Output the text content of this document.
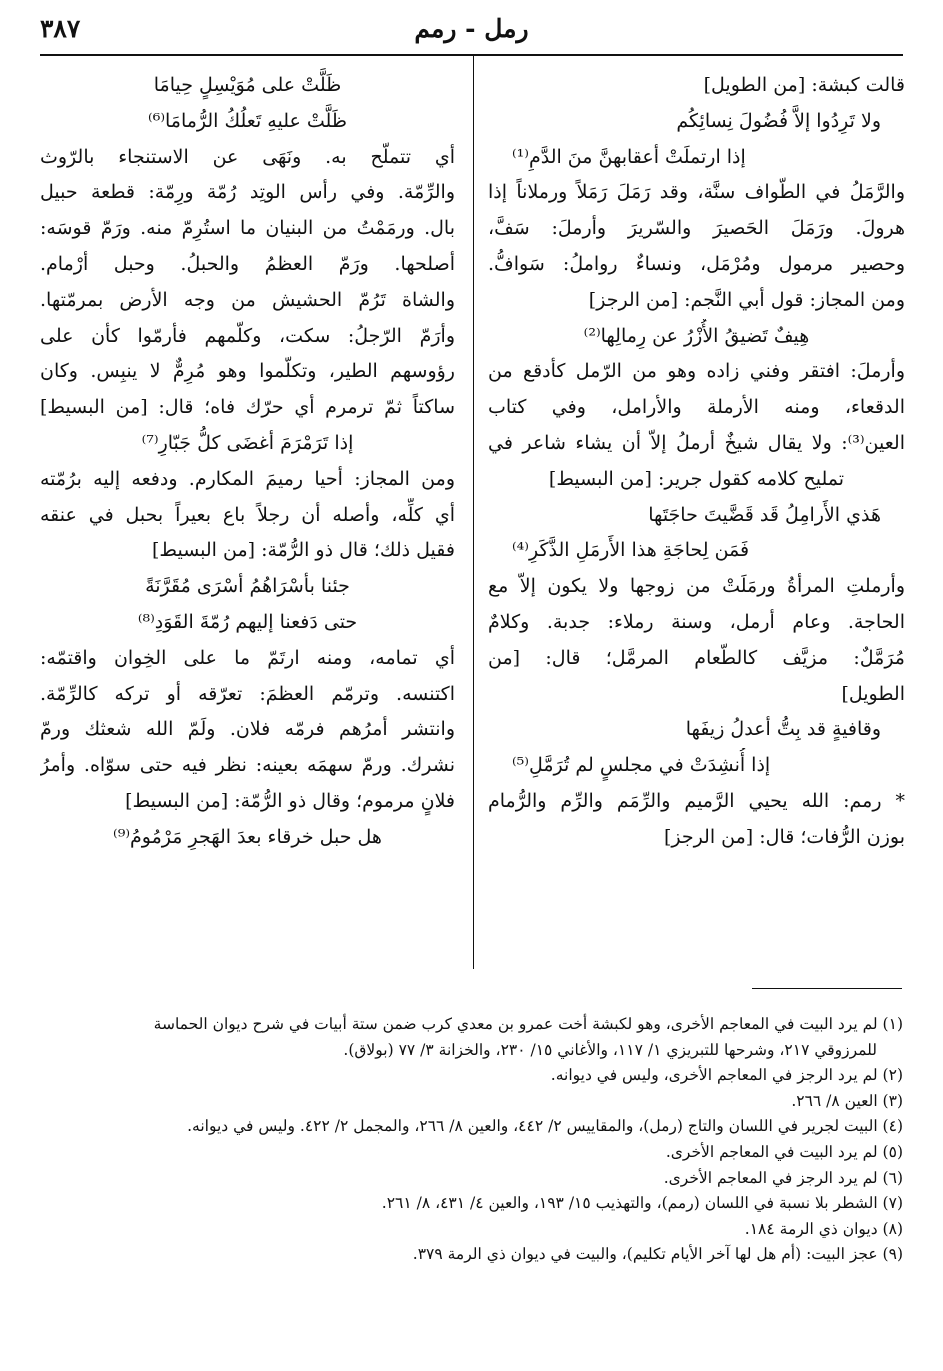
٣٨٧	رمل - رمم
قالت كبشة: [من الطويل]
ولا تَرِدُوا إلاَّ فُضُولَ نِسائِكُم
إذا ارتملَتْ أعقابهنَّ منَ الدَّمِ⁽¹⁾
والرَّمَلُ في الطّواف سنَّة، وقد رَمَلَ رَمَلاً ورملاناً إذا
هرولَ. ورَمَلَ الحَصيرَ والسّريرَ وأرملَ: سَفَّ،
وحصير مرمول ومُرْمَل، ونساءٌ رواملُ: سَوافُّ.
ومن المجاز: قول أبي النَّجم: [من الرجز]
هِيفٌ تَضيقُ الأُزْرُ عن رِمالِها⁽²⁾
وأرملَ: افتقر وفني زاده وهو من الرّمل كأدقع من
الدقعاء، ومنه الأرملة والأرامل، وفي كتاب
العين⁽³⁾: ولا يقال شيخٌ أرملُ إلاّ أن يشاء شاعر في
تمليح كلامه كقول جرير: [من البسيط]
هَذي الأَرامِلُ قَد قَضَّيتَ حاجَتَها
فَمَن لِحاجَةِ هذا الأَرمَلِ الذَّكَرِ⁽⁴⁾
وأرملتِ المرأةُ ورمَلَتْ من زوجها ولا يكون إلاّ مع
الحاجة. وعام أرمل، وسنة رملاء: جدبة. وكلامٌ
مُرَمَّلٌ: مزيَّف كالطّعام المرمَّل؛ قال: [من
الطويل]
وقافيةٍ قد بِتُّ أعدلُ زيفَها
إذا أُنشِدَتْ في مجلسٍ لم تُرَمَّلِ⁽⁵⁾
* رمم: الله يحيي الرَّميم والرِّمَم والرِّم والرُّمام
بوزن الرُّفات؛ قال: [من الرجز]
ظَلَّتْ على مُوَيْسِلٍ حِيامَا
ظَلَّتْ عليهِ تَعلُكُ الرُّمامَا⁽⁶⁾
أي تتملّح به. ونَهَى عن الاستنجاء بالرّوث
والرِّمّة. وفي رأس الوتِد رُمّة ورِمّة: قطعة حبيل
بال. ورمَمْتُ من البنيان ما استُرِمّ منه. ورَمّ قوسَه:
أصلحها. ورَمّ العظمُ والحبلُ. وحبل أرْمام.
والشاة تَرُمّ الحشيش من وجه الأرض بمرمّتها.
وأرَمّ الرّجلُ: سكت، وكلّمهم فأرمّوا كأن على
رؤوسهم الطير، وتكلّموا وهو مُرِمٌّ لا ينبِس. وكان
ساكتاً ثمّ ترمرم أي حرّك فاه؛ قال: [من البسيط]
إذا تَرَمْرَمَ أغضَى كلُّ جَبّارِ⁽⁷⁾
ومن المجاز: أحيا رميمَ المكارم. ودفعه إليه برُمّته
أي كلِّه، وأصله أن رجلاً باع بعيراً بحبل في عنقه
فقيل ذلك؛ قال ذو الرُّمّة: [من البسيط]
جئنا بأسْرَاهُمُ أسْرَى مُقَرَّنَةً
حتى دَفعنا إليهم رُمّةَ القَوَدِ⁽⁸⁾
أي تمامه، ومنه ارتَمّ ما على الخِوان واقتمّه:
اكتنسه. وترمّم العظمَ: تعرّقه أو تركه كالرِّمّة.
وانتشر أمرُهم فرمّه فلان. ولَمّ الله شعثك ورمّ
نشرك. ورمّ سهمَه بعينه: نظر فيه حتى سوّاه. وأمرُ
فلانٍ مرموم؛ وقال ذو الرُّمّة: [من البسيط]
هل حبل خرقاء بعدَ الهَجرِ مَرْمُومُ⁽⁹⁾
(١) لم يرد البيت في المعاجم الأخرى، وهو لكبشة أخت عمرو بن معدي كرب ضمن ستة أبيات في شرح ديوان الحماسة
للمرزوقي ٢١٧، وشرحها للتبريزي ١/ ١١٧، والأغاني ١٥/ ٢٣٠، والخزانة ٣/ ٧٧ (بولاق).
(٢) لم يرد الرجز في المعاجم الأخرى، وليس في ديوانه.
(٣) العين ٨/ ٢٦٦.
(٤) البيت لجرير في اللسان والتاج (رمل)، والمقاييس ٢/ ٤٤٢، والعين ٨/ ٢٦٦، والمجمل ٢/ ٤٢٢. وليس في ديوانه.
(٥) لم يرد البيت في المعاجم الأخرى.
(٦) لم يرد الرجز في المعاجم الأخرى.
(٧) الشطر بلا نسبة في اللسان (رمم)، والتهذيب ١٥/ ١٩٣، والعين ٤/ ٤٣١، ٨/ ٢٦١.
(٨) ديوان ذي الرمة ١٨٤.
(٩) عجز البيت: (أم هل لها آخر الأيام تكليم)، والبيت في ديوان ذي الرمة ٣٧٩.
